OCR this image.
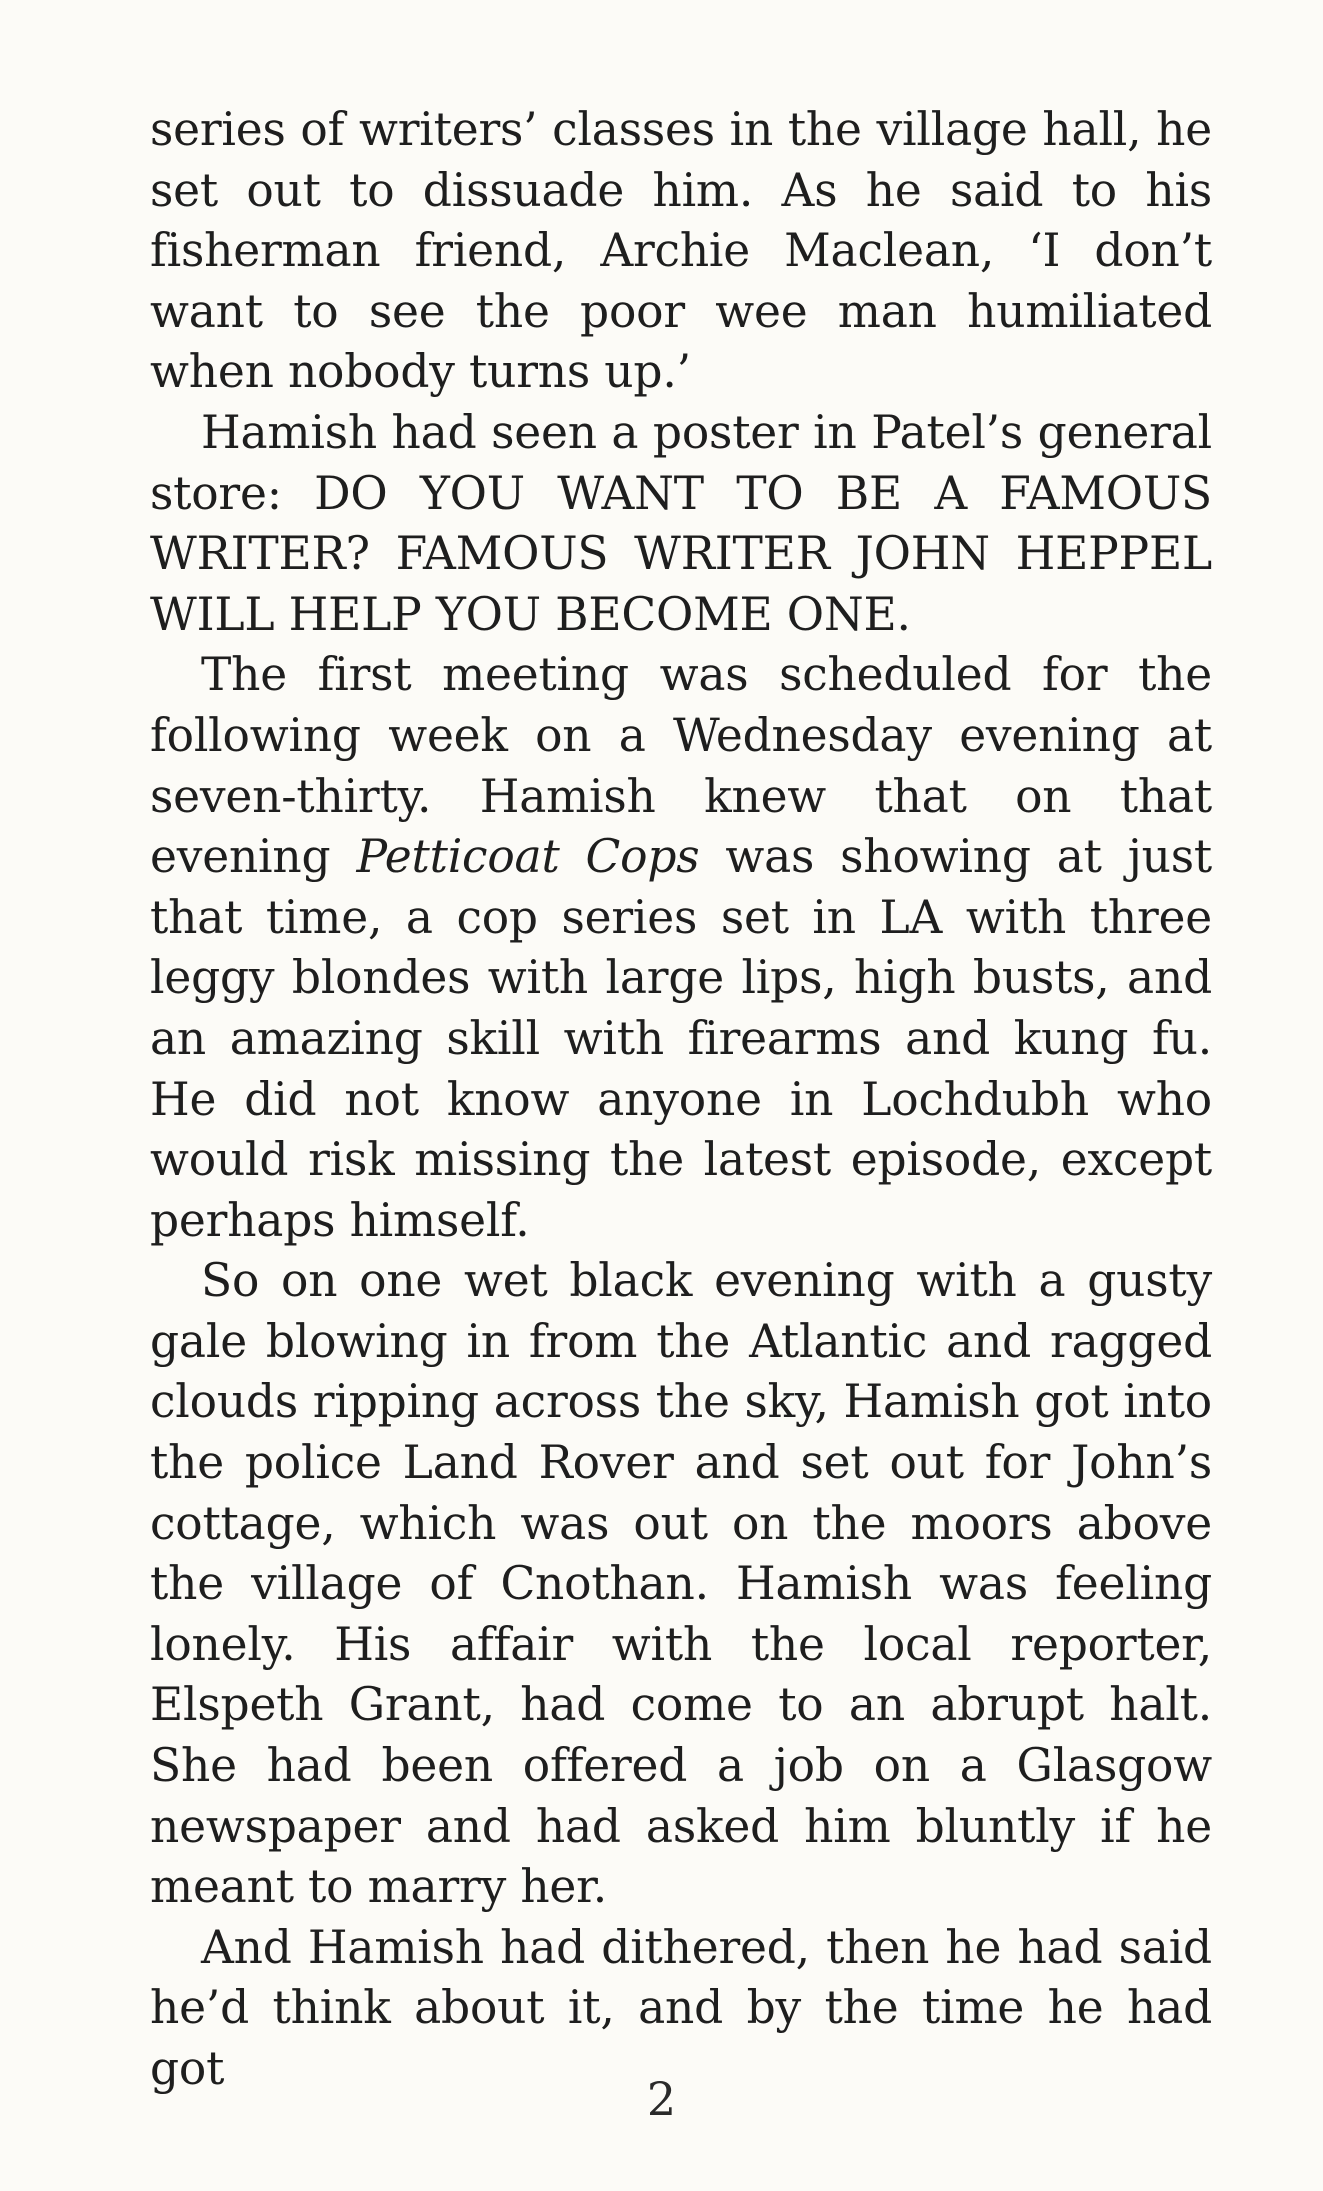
series of writers’ classes in the village hall, he set out to dissuade him. As he said to his fisherman friend, Archie Maclean, ‘I don’t want to see the poor wee man humiliated when nobody turns up.’

Hamish had seen a poster in Patel’s general store: DO YOU WANT TO BE A FAMOUS WRITER? FAMOUS WRITER JOHN HEPPEL WILL HELP YOU BECOME ONE.

The first meeting was scheduled for the following week on a Wednesday evening at seven-thirty. Hamish knew that on that evening Petticoat Cops was showing at just that time, a cop series set in LA with three leggy blondes with large lips, high busts, and an amazing skill with firearms and kung fu. He did not know anyone in Lochdubh who would risk missing the latest episode, except perhaps himself.

So on one wet black evening with a gusty gale blowing in from the Atlantic and ragged clouds ripping across the sky, Hamish got into the police Land Rover and set out for John’s cottage, which was out on the moors above the village of Cnothan. Hamish was feeling lonely. His affair with the local reporter, Elspeth Grant, had come to an abrupt halt. She had been offered a job on a Glasgow newspaper and had asked him bluntly if he meant to marry her.

And Hamish had dithered, then he had said he’d think about it, and by the time he had got

2
